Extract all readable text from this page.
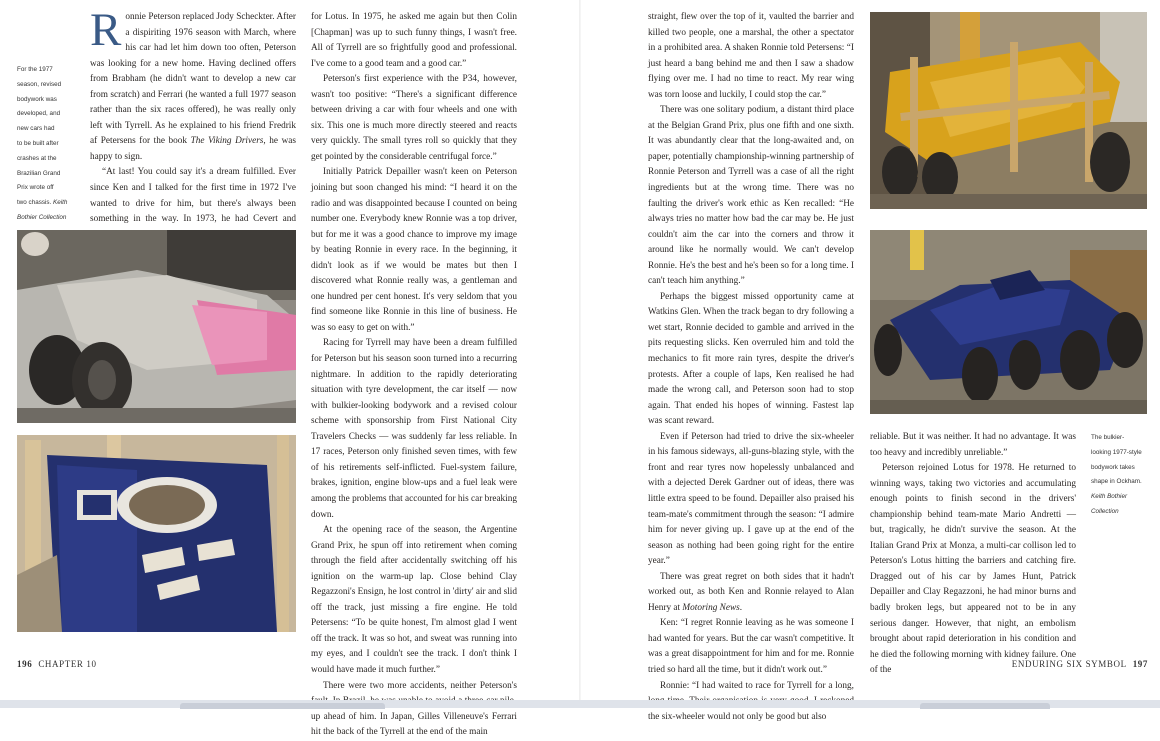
For the 1977
season, revised
bodywork was
developed, and
new cars had
to be built after
crashes at the
Brazilian Grand
Prix wrote off
two chassis. Keith Bothier Collection

Ronnie Peterson replaced Jody Scheckter. After a dispiriting 1976 season with March, where his car had let him down too often, Peterson was looking for a new home. Having declined offers from Brabham (he didn't want to develop a new car from scratch) and Ferrari (he wanted a full 1977 season rather than the six races offered), he was really only left with Tyrrell. As he explained to his friend Fredrik af Petersens for the book The Viking Drivers, he was happy to sign.

“At last! You could say it's a dream fulfilled. Ever since Ken and I talked for the first time in 1972 I've wanted to drive for him, but there's always been something in the way. In 1973, he had Cevert and

for Lotus. In 1975, he asked me again but then Colin [Chapman] was up to such funny things, I wasn't free. All of Tyrrell are so frightfully good and professional. I've come to a good team and a good car.”

Peterson's first experience with the P34, however, wasn't too positive: “There's a significant difference between driving a car with four wheels and one with six. This one is much more directly steered and reacts very quickly. The small tyres roll so quickly that they get pointed by the considerable centrifugal force.”

Initially Patrick Depailler wasn't keen on Peterson joining but soon changed his mind: “I heard it on the radio and was disappointed because I counted on being number one. Everybody knew Ronnie was a top driver, but for me it was a good chance to improve my image by beating Ronnie in every race. In the beginning, it didn't look as if we would be mates but then I discovered what Ronnie really was, a gentleman and one hundred per cent honest. It's very seldom that you find someone like Ronnie in this line of business. He was so easy to get on with.”

Racing for Tyrrell may have been a dream fulfilled for Peterson but his season soon turned into a recurring nightmare. In addition to the rapidly deteriorating situation with tyre development, the car itself — now with bulkier-looking bodywork and a revised colour scheme with sponsorship from First National City Travelers Checks — was suddenly far less reliable. In 17 races, Peterson only finished seven times, with few of his retirements self-inflicted. Fuel-system failure, brakes, ignition, engine blow-ups and a fuel leak were among the problems that accounted for his car breaking down.

At the opening race of the season, the Argentine Grand Prix, he spun off into retirement when coming through the field after accidentally switching off his ignition on the warm-up lap. Close behind Clay Regazzoni's Ensign, he lost control in 'dirty' air and slid off the track, just missing a fire engine. He told Petersens: “To be quite honest, I'm almost glad I went off the track. It was so hot, and sweat was running into my eyes, and I couldn't see the track. I don't think I would have made it much further.”

There were two more accidents, neither Peterson's up ahead of him. In Japan, Gilles Villeneuve's Ferrari hit the back of the Tyrrell at the end of the main

196 CHAPTER 10

straight, flew over the top of it, vaulted the barrier and killed two people, one a marshal, the other a spectator in a prohibited area. A shaken Ronnie told Petersens: “I just heard a bang behind me and then I saw a shadow flying over me. I had no time to react. My rear wing was torn loose and luckily, I could stop the car.”

There was one solitary podium, a distant third place at the Belgian Grand Prix, plus one fifth and one sixth. It was abundantly clear that the long-awaited and, on paper, potentially championship-winning partnership of Ronnie Peterson and Tyrrell was a case of all the right ingredients but at the wrong time. There was no faulting the driver's work ethic as Ken recalled: “He always tries no matter how bad the car may be. He just couldn't aim the car into the corners and throw it around like he normally would. We can't develop Ronnie. He's the best and he's been so for a long time. I can't teach him anything.”

Perhaps the biggest missed opportunity came at Watkins Glen. When the track began to dry following a wet start, Ronnie decided to gamble and arrived in the pits requesting slicks. Ken overruled him and told the mechanics to fit more rain tyres, despite the driver's protests. After a couple of laps, Ken realised he had made the wrong call, and Peterson soon had to stop again. That ended his hopes of winning. Fastest lap was scant reward.

Even if Peterson had tried to drive the six-wheeler in his famous sideways, all-guns-blazing style, with the front and rear tyres now hopelessly unbalanced and with a dejected Derek Gardner out of ideas, there was little extra speed to be found. Depailler also praised his team-mate's commitment through the season: “I admire him for never giving up. I gave up at the end of the season as nothing had been going right for the entire year.”

There was great regret on both sides that it hadn't worked out, as both Ken and Ronnie relayed to Alan Henry at Motoring News.

Ken: “I regret Ronnie leaving as he was someone I had wanted for years. But the car wasn't competitive. It was a great disappointment for him and for me. Ronnie tried so hard all the time, but it didn't work out.”

Ronnie: “I had waited to race for Tyrrell for a long, the six-wheeler would not only be good but also

reliable. But it was neither. It had no advantage. It was too heavy and incredibly unreliable.”

Peterson rejoined Lotus for 1978. He returned to winning ways, taking two victories and accumulating enough points to finish second in the drivers' championship behind team-mate Mario Andretti — but, tragically, he didn't survive the season. At the Italian Grand Prix at Monza, a multi-car collison led to Peterson's Lotus hitting the barriers and catching fire. Dragged out of his car by James Hunt, Patrick Depailler and Clay Regazzoni, he had minor burns and badly broken legs, but appeared not to be in any serious danger. However, that night, an embolism brought about rapid deterioration in his condition and he died the following morning with kidney failure. One of the

The bulkier-
looking 1977-style
bodywork takes
shape in Ockham.
Keith Bothier Collection
ENDURING SIX SYMBOL 197
